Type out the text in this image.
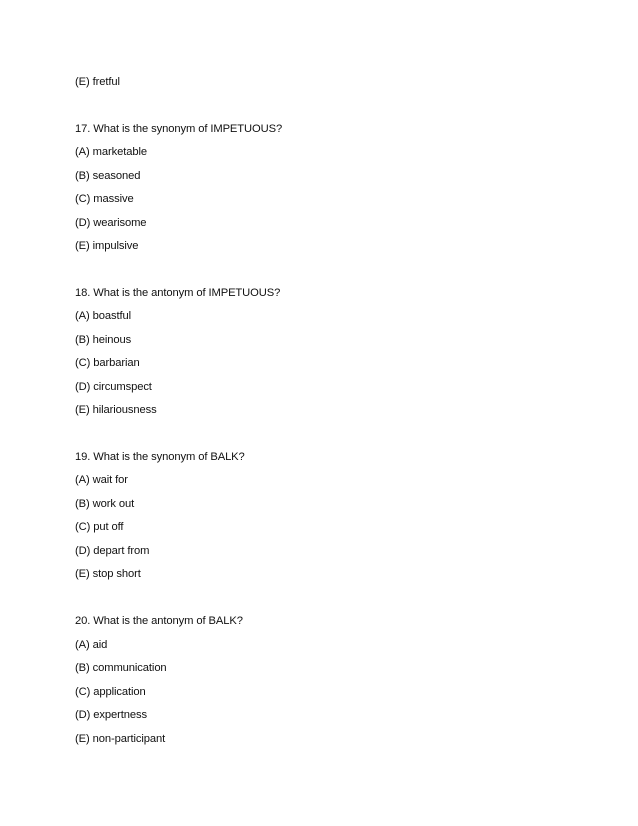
(E) fretful
17. What is the synonym of IMPETUOUS?
(A) marketable
(B) seasoned
(C) massive
(D) wearisome
(E) impulsive
18. What is the antonym of IMPETUOUS?
(A) boastful
(B) heinous
(C) barbarian
(D) circumspect
(E) hilariousness
19. What is the synonym of BALK?
(A) wait for
(B) work out
(C) put off
(D) depart from
(E) stop short
20. What is the antonym of BALK?
(A) aid
(B) communication
(C) application
(D) expertness
(E) non-participant
